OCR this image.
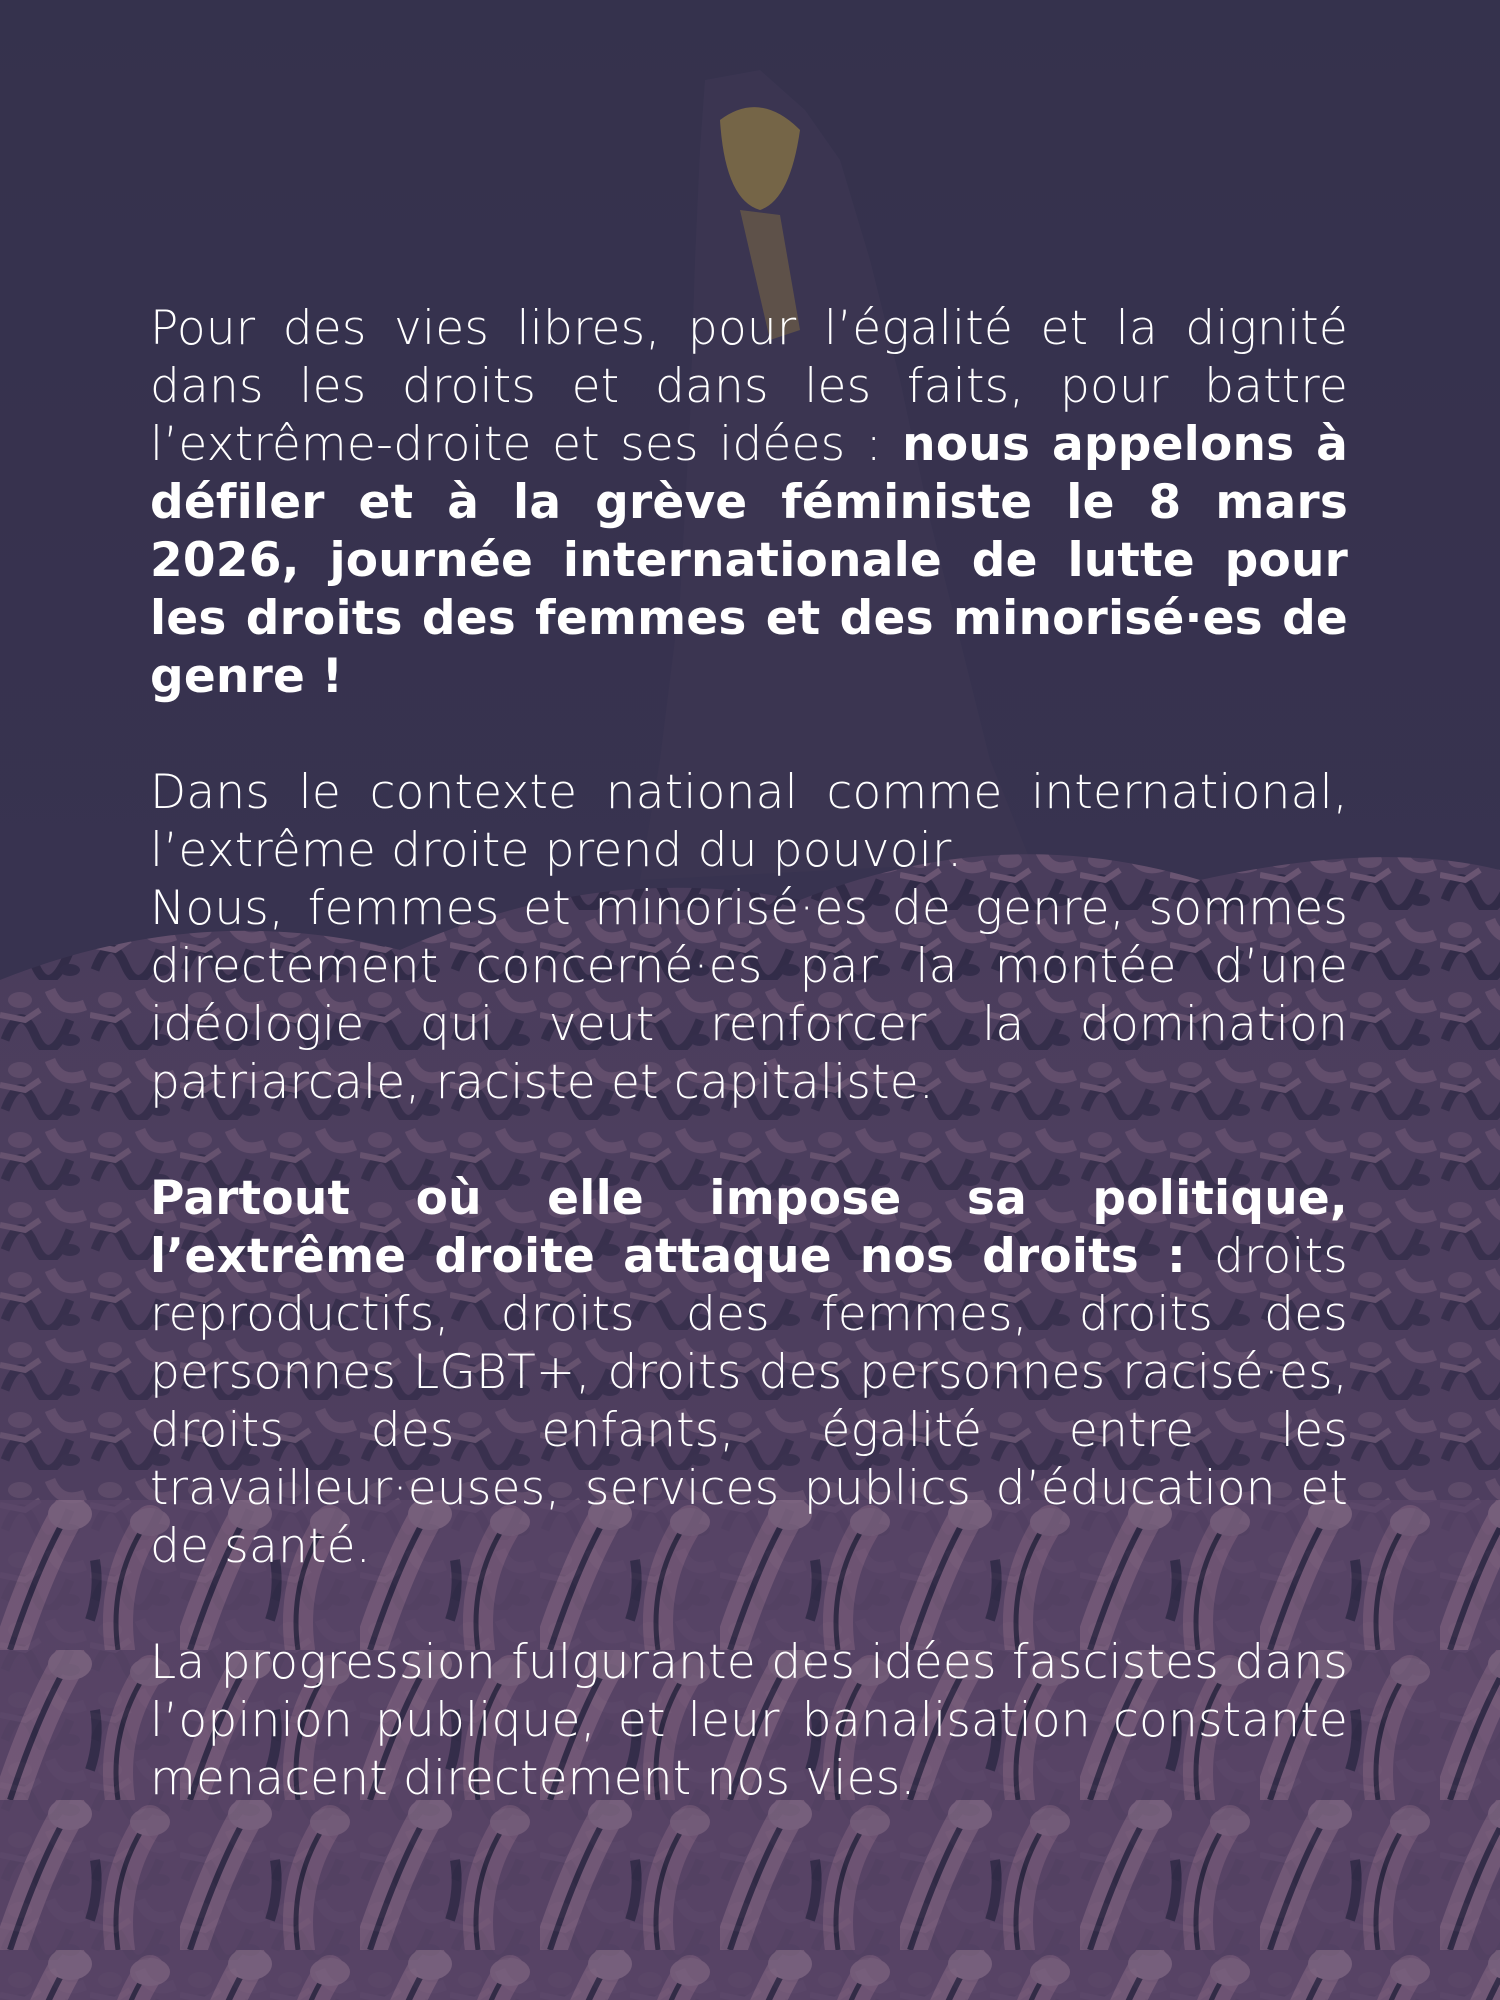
Pour des vies libres, pour l’égalité et la dignité dans les droits et dans les faits, pour battre l’extrême-droite et ses idées : nous appelons à défiler et à la grève féministe le 8 mars 2026, journée internationale de lutte pour les droits des femmes et des minorisé·es de genre !

Dans le contexte national comme international, l’extrême droite prend du pouvoir.

Nous, femmes et minorisé·es de genre, sommes directement concerné·es par la montée d’une idéologie qui veut renforcer la domination patriarcale, raciste et capitaliste.

Partout où elle impose sa politique, l’extrême droite attaque nos droits : droits reproductifs, droits des femmes, droits des personnes LGBT+, droits des personnes racisé·es, droits des enfants, égalité entre les travailleur·euses, services publics d’éducation et de santé.

La progression fulgurante des idées fascistes dans l’opinion publique, et leur banalisation constante menacent directement nos vies.
